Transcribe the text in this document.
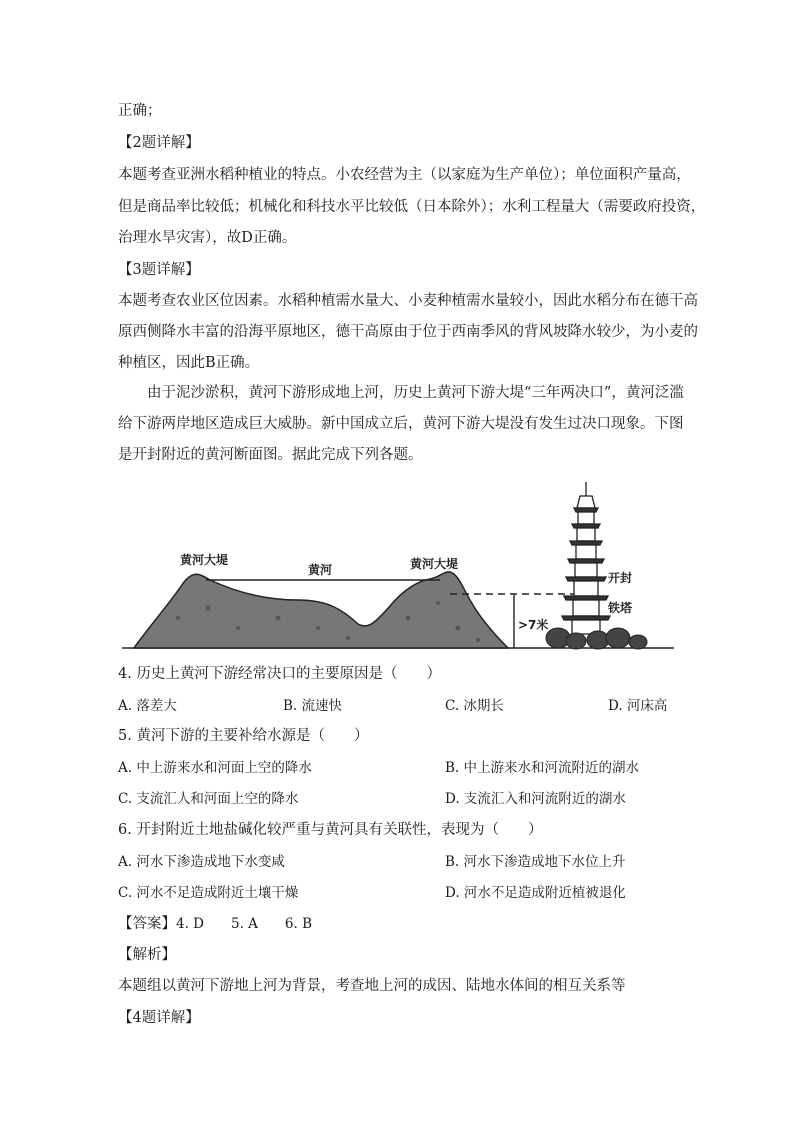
正确；
【2题详解】
本题考查亚洲水稻种植业的特点。小农经营为主（以家庭为生产单位）；单位面积产量高，
但是商品率比较低；机械化和科技水平比较低（日本除外）；水利工程量大（需要政府投资，
治理水旱灾害），故D正确。
【3题详解】
本题考查农业区位因素。水稻种植需水量大、小麦种植需水量较小，因此水稻分布在德干高
原西侧降水丰富的沿海平原地区，德干高原由于位于西南季风的背风坡降水较少，为小麦的
种植区，因此B正确。
由于泥沙淤积，黄河下游形成地上河，历史上黄河下游大堤“三年两决口”，黄河泛滥
给下游两岸地区造成巨大威胁。新中国成立后，黄河下游大堤没有发生过决口现象。下图
是开封附近的黄河断面图。据此完成下列各题。
黄河大堤
黄河	黄河大堤
>7米
开封
铁塔
4. 历史上黄河下游经常决口的主要原因是（　　）
A. 落差大	B. 流速快	C. 冰期长	D. 河床高
5. 黄河下游的主要补给水源是（　　）
A. 中上游来水和河面上空的降水	B. 中上游来水和河流附近的湖水
C. 支流汇人和河面上空的降水	D. 支流汇入和河流附近的湖水
6. 开封附近土地盐碱化较严重与黄河具有关联性，表现为（　　）
A. 河水下渗造成地下水变咸	B. 河水下渗造成地下水位上升
C. 河水不足造成附近土壤干燥	D. 河水不足造成附近植被退化
【答案】4. D　　5. A　　6. B
【解析】
本题组以黄河下游地上河为背景，考查地上河的成因、陆地水体间的相互关系等
【4题详解】
